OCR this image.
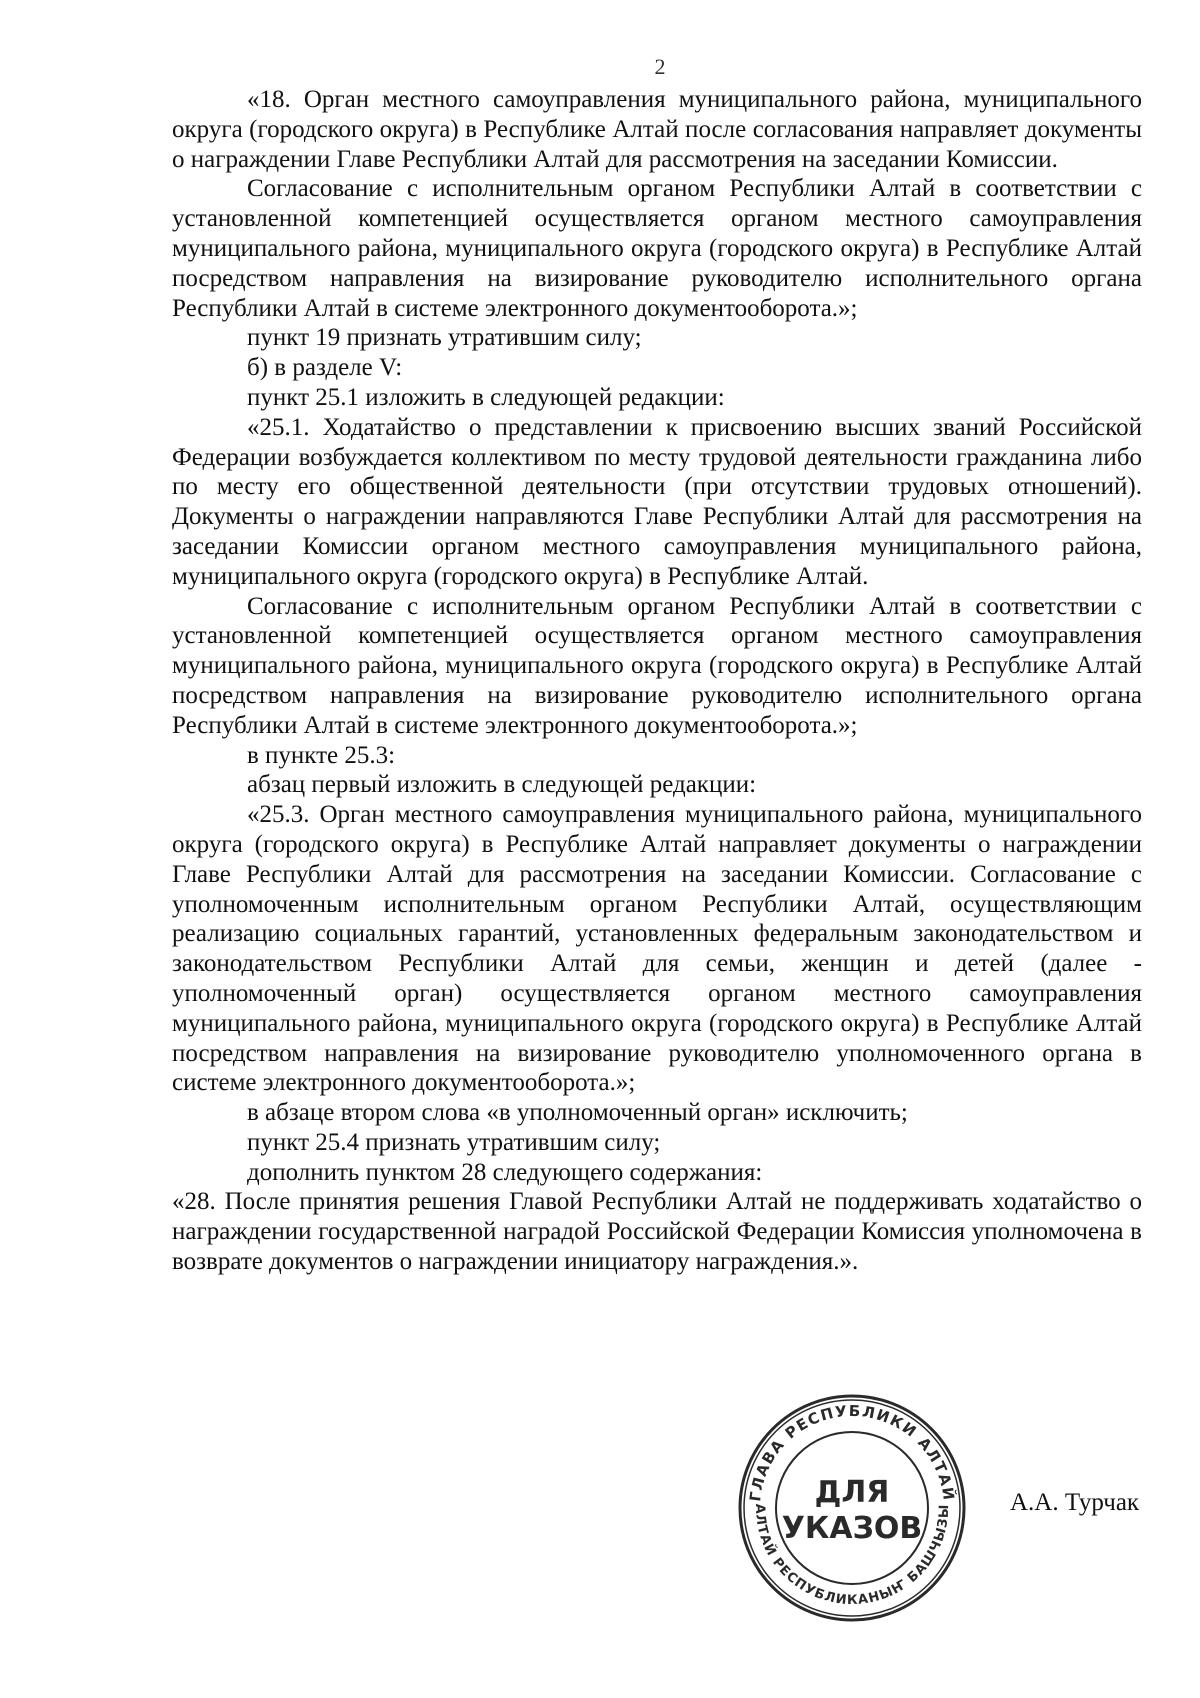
2

«18. Орган местного самоуправления муниципального района, муниципального округа (городского округа) в Республике Алтай после согласования направляет документы о награждении Главе Республики Алтай для рассмотрения на заседании Комиссии.

Согласование с исполнительным органом Республики Алтай в соответствии с установленной компетенцией осуществляется органом местного самоуправления муниципального района, муниципального округа (городского округа) в Республике Алтай посредством направления на визирование руководителю исполнительного органа Республики Алтай в системе электронного документооборота.»;

пункт 19 признать утратившим силу;

б) в разделе V:

пункт 25.1 изложить в следующей редакции:

«25.1. Ходатайство о представлении к присвоению высших званий Российской Федерации возбуждается коллективом по месту трудовой деятельности гражданина либо по месту его общественной деятельности (при отсутствии трудовых отношений). Документы о награждении направляются Главе Республики Алтай для рассмотрения на заседании Комиссии органом местного самоуправления муниципального района, муниципального округа (городского округа) в Республике Алтай.

Согласование с исполнительным органом Республики Алтай в соответствии с установленной компетенцией осуществляется органом местного самоуправления муниципального района, муниципального округа (городского округа) в Республике Алтай посредством направления на визирование руководителю исполнительного органа Республики Алтай в системе электронного документооборота.»;

в пункте 25.3:

абзац первый изложить в следующей редакции:

«25.3. Орган местного самоуправления муниципального района, муниципального округа (городского округа) в Республике Алтай направляет документы о награждении Главе Республики Алтай для рассмотрения на заседании Комиссии. Согласование с уполномоченным исполнительным органом Республики Алтай, осуществляющим реализацию социальных гарантий, установленных федеральным законодательством и законодательством Республики Алтай для семьи, женщин и детей (далее - уполномоченный орган) осуществляется органом местного самоуправления муниципального района, муниципального округа (городского округа) в Республике Алтай посредством направления на визирование руководителю уполномоченного органа в системе электронного документооборота.»;

в абзаце втором слова «в уполномоченный орган» исключить;

пункт 25.4 признать утратившим силу;

дополнить пунктом 28 следующего содержания:

«28. После принятия решения Главой Республики Алтай не поддерживать ходатайство о награждении государственной наградой Российской Федерации Комиссия уполномочена в возврате документов о награждении инициатору награждения.».

ГЛАВА РЕСПУБЛИКИ АЛТАЙ
АЛТАЙ РЕСПУБЛИКАНЫҤ БАШЧЫЗЫ
ДЛЯ
УКАЗОВ
А.А. Турчак
